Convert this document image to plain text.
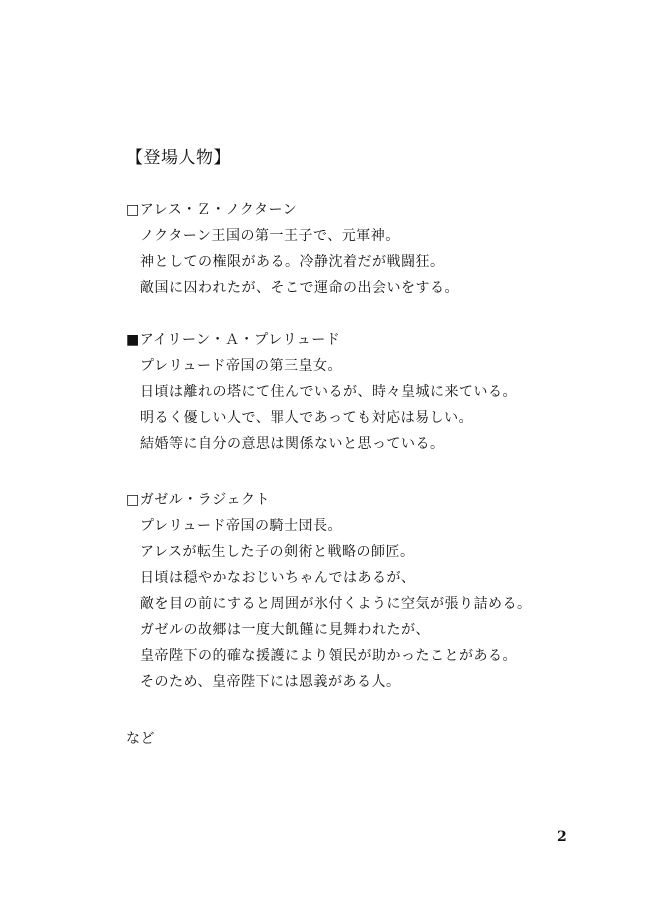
【登場人物】
□アレス・Ｚ・ノクターン
ノクターン王国の第一王子で、元軍神。
神としての権限がある。冷静沈着だが戦闘狂。
敵国に囚われたが、そこで運命の出会いをする。
■アイリーン・Ａ・プレリュード
プレリュード帝国の第三皇女。
日頃は離れの塔にて住んでいるが、時々皇城に来ている。
明るく優しい人で、罪人であっても対応は易しい。
結婚等に自分の意思は関係ないと思っている。
□ガゼル・ラジェクト
プレリュード帝国の騎士団長。
アレスが転生した子の剣術と戦略の師匠。
日頃は穏やかなおじいちゃんではあるが、
敵を目の前にすると周囲が氷付くように空気が張り詰める。
ガゼルの故郷は一度大飢饉に見舞われたが、
皇帝陛下の的確な援護により領民が助かったことがある。
そのため、皇帝陛下には恩義がある人。
など
2
